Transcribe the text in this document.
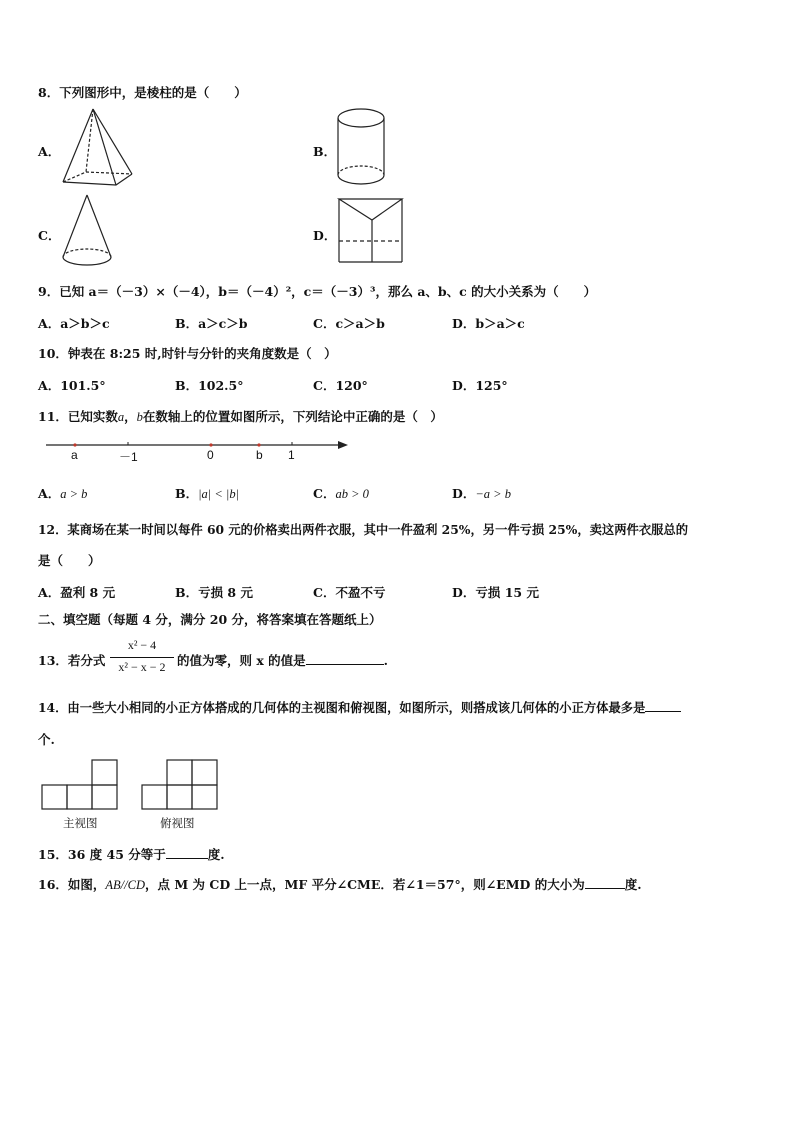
8．下列图形中，是棱柱的是（　　）
A．	B．
C．	D．
9．已知 a＝（－3）×（－4），b＝（－4）²，c＝（－3）³，那么 a、b、c 的大小关系为（　　）
A．a＞b＞c	B．a＞c＞b	C．c＞a＞b	D．b＞a＞c
10．钟表在 8:25 时,时针与分针的夹角度数是（　）
A．101.5°	B．102.5°	C．120°	D．125°
11．已知实数a，b在数轴上的位置如图所示，下列结论中正确的是（　）
a	－1	0	b 1
A．a > b	B．|a| < |b|	C．ab > 0	D．−a > b
12．某商场在某一时间以每件 60 元的价格卖出两件衣服，其中一件盈利 25%，另一件亏损 25%，卖这两件衣服总的
是（　　）
A．盈利 8 元	B．亏损 8 元	C．不盈不亏	D．亏损 15 元
二、填空题（每题 4 分，满分 20 分，将答案填在答题纸上）
13．若分式
x² − 4
x² − x − 2 的值为零，则 x 的值是	.
14．由一些大小相同的小正方体搭成的几何体的主视图和俯视图，如图所示，则搭成该几何体的小正方体最多是
个.
主视图	俯视图
15．36 度 45 分等于	度.
16．如图，AB//CD，点 M 为 CD 上一点，MF 平分∠CME．若∠1＝57°，则∠EMD 的大小为	度.
